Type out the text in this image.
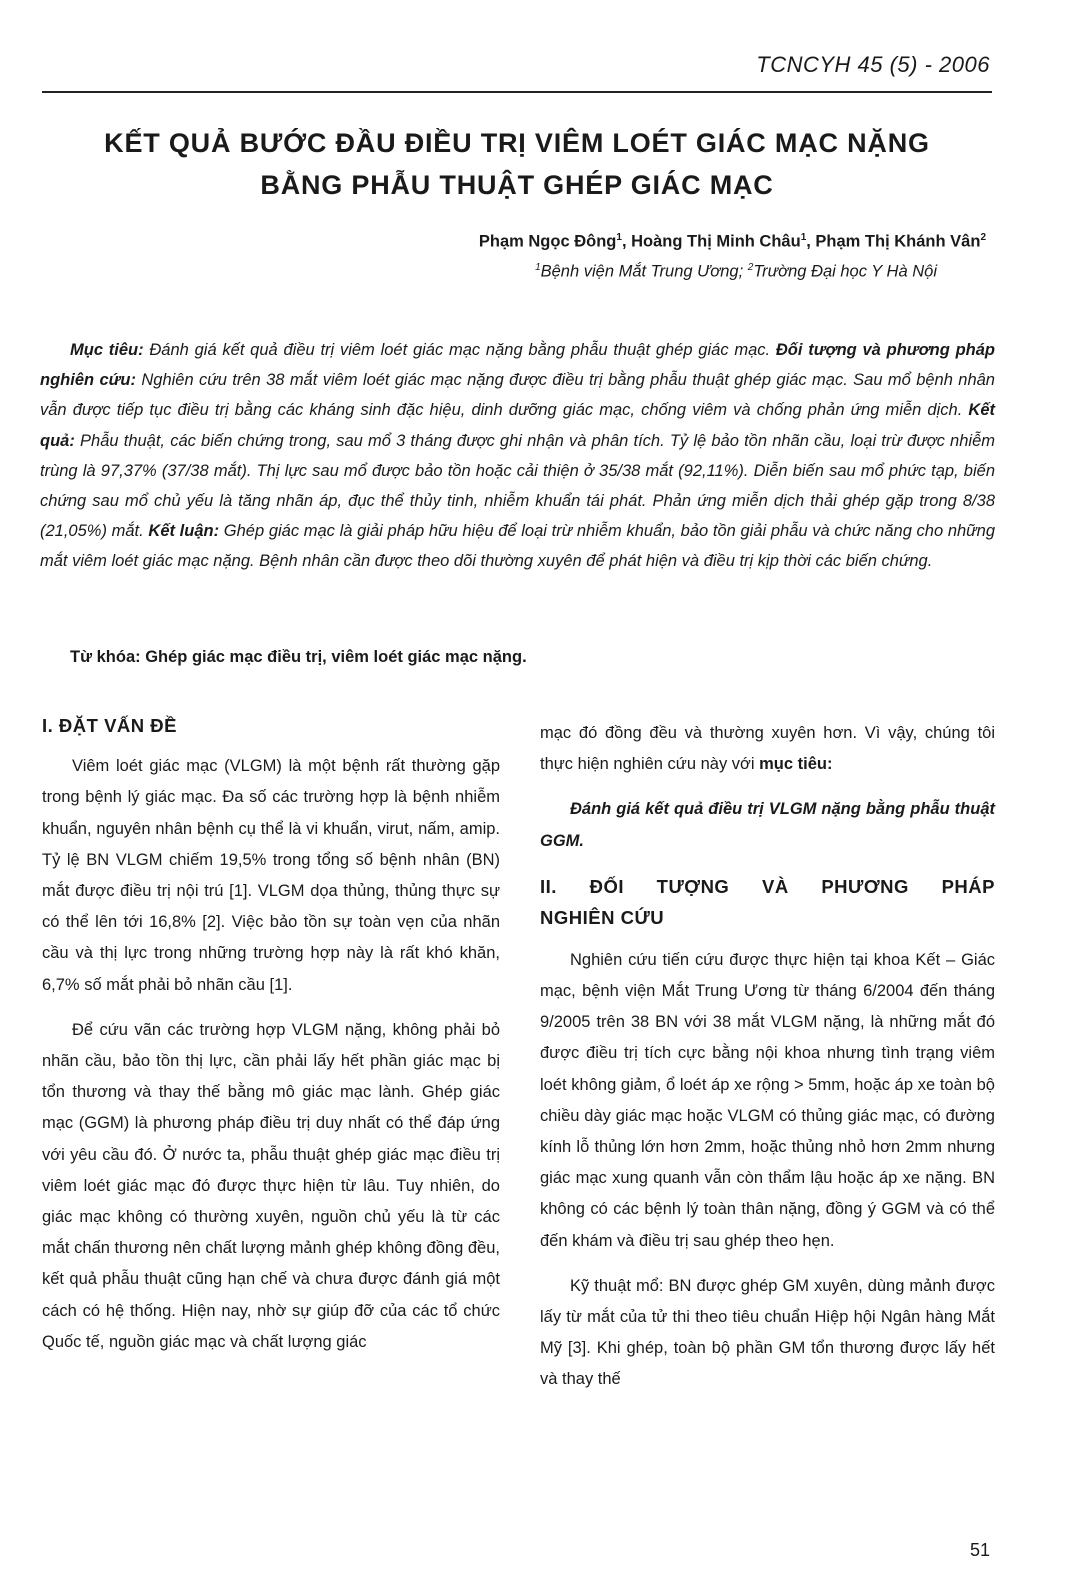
TCNCYH 45 (5) - 2006
KẾT QUẢ BƯỚC ĐẦU ĐIỀU TRỊ VIÊM LOÉT GIÁC MẠC NẶNG
BẰNG PHẪU THUẬT GHÉP GIÁC MẠC
Phạm Ngọc Đông$^1$, Hoàng Thị Minh Châu$^1$, Phạm Thị Khánh Vân$^2$
$^1$Bệnh viện Mắt Trung Ương; $^2$Trường Đại học Y Hà Nội
Mục tiêu: Đánh giá kết quả điều trị viêm loét giác mạc nặng bằng phẫu thuật ghép giác mạc. Đối tượng và phương pháp nghiên cứu: Nghiên cứu trên 38 mắt viêm loét giác mạc nặng được điều trị bằng phẫu thuật ghép giác mạc. Sau mổ bệnh nhân vẫn được tiếp tục điều trị bằng các kháng sinh đặc hiệu, dinh dưỡng giác mạc, chống viêm và chống phản ứng miễn dịch. Kết quả: Phẫu thuật, các biến chứng trong, sau mổ 3 tháng được ghi nhận và phân tích. Tỷ lệ bảo tồn nhãn cầu, loại trừ được nhiễm trùng là 97,37% (37/38 mắt). Thị lực sau mổ được bảo tồn hoặc cải thiện ở 35/38 mắt (92,11%). Diễn biến sau mổ phức tạp, biến chứng sau mổ chủ yếu là tăng nhãn áp, đục thể thủy tinh, nhiễm khuẩn tái phát. Phản ứng miễn dịch thải ghép gặp trong 8/38 (21,05%) mắt. Kết luận: Ghép giác mạc là giải pháp hữu hiệu để loại trừ nhiễm khuẩn, bảo tồn giải phẫu và chức năng cho những mắt viêm loét giác mạc nặng. Bệnh nhân cần được theo dõi thường xuyên để phát hiện và điều trị kịp thời các biến chứng.
Từ khóa: Ghép giác mạc điều trị, viêm loét giác mạc nặng.
I. ĐẶT VẤN ĐỀ

Viêm loét giác mạc (VLGM) là một bệnh rất thường gặp trong bệnh lý giác mạc. Đa số các trường hợp là bệnh nhiễm khuẩn, nguyên nhân bệnh cụ thể là vi khuẩn, virut, nấm, amip. Tỷ lệ BN VLGM chiếm 19,5% trong tổng số bệnh nhân (BN) mắt được điều trị nội trú [1]. VLGM dọa thủng, thủng thực sự có thể lên tới 16,8% [2]. Việc bảo tồn sự toàn vẹn của nhãn cầu và thị lực trong những trường hợp này là rất khó khăn, 6,7% số mắt phải bỏ nhãn cầu [1].

Để cứu vãn các trường hợp VLGM nặng, không phải bỏ nhãn cầu, bảo tồn thị lực, cần phải lấy hết phần giác mạc bị tổn thương và thay thế bằng mô giác mạc lành. Ghép giác mạc (GGM) là phương pháp điều trị duy nhất có thể đáp ứng với yêu cầu đó. Ở nước ta, phẫu thuật ghép giác mạc điều trị viêm loét giác mạc đó được thực hiện từ lâu. Tuy nhiên, do giác mạc không có thường xuyên, nguồn chủ yếu là từ các mắt chấn thương nên chất lượng mảnh ghép không đồng đều, kết quả phẫu thuật cũng hạn chế và chưa được đánh giá một cách có hệ thống. Hiện nay, nhờ sự giúp đỡ của các tổ chức Quốc tế, nguồn giác mạc và chất lượng giác

mạc đó đồng đều và thường xuyên hơn. Vì vậy, chúng tôi thực hiện nghiên cứu này với mục tiêu:

Đánh giá kết quả điều trị VLGM nặng bằng phẫu thuật GGM.

II. ĐỐI TƯỢNG VÀ PHƯƠNG PHÁP
NGHIÊN CỨU

Nghiên cứu tiến cứu được thực hiện tại khoa Kết – Giác mạc, bệnh viện Mắt Trung Ương từ tháng 6/2004 đến tháng 9/2005 trên 38 BN với 38 mắt VLGM nặng, là những mắt đó được điều trị tích cực bằng nội khoa nhưng tình trạng viêm loét không giảm, ổ loét áp xe rộng > 5mm, hoặc áp xe toàn bộ chiều dày giác mạc hoặc VLGM có thủng giác mạc, có đường kính lỗ thủng lớn hơn 2mm, hoặc thủng nhỏ hơn 2mm nhưng giác mạc xung quanh vẫn còn thẩm lậu hoặc áp xe nặng. BN không có các bệnh lý toàn thân nặng, đồng ý GGM và có thể đến khám và điều trị sau ghép theo hẹn.

Kỹ thuật mổ: BN được ghép GM xuyên, dùng mảnh được lấy từ mắt của tử thi theo tiêu chuẩn Hiệp hội Ngân hàng Mắt Mỹ [3]. Khi ghép, toàn bộ phần GM tổn thương được lấy hết và thay thế

51
